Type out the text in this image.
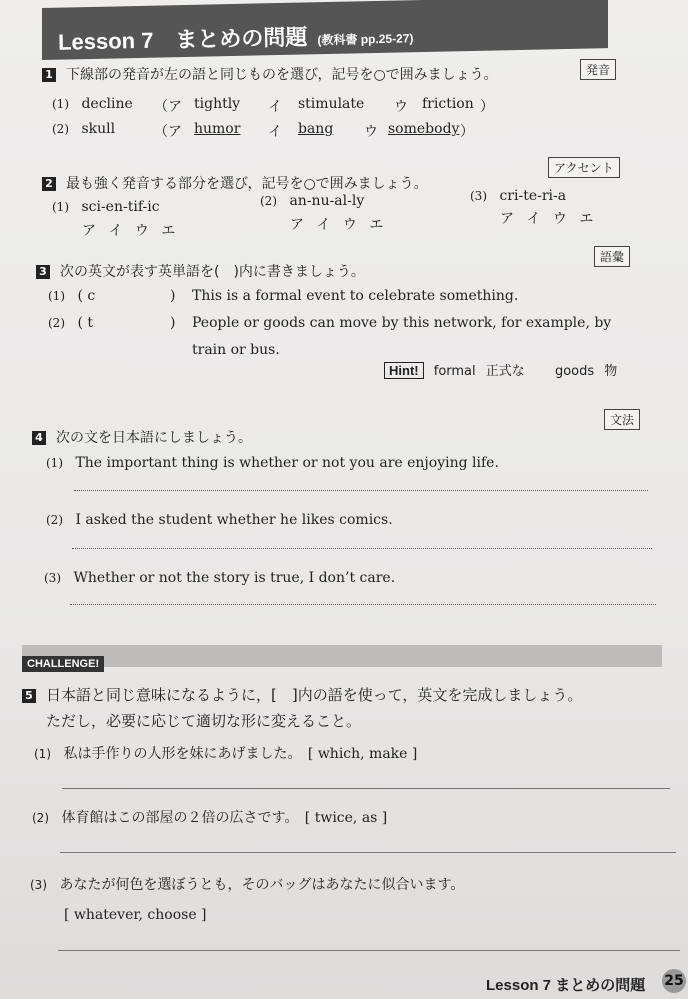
Lesson 7　まとめの問題 (教科書 pp.25-27)
1 下線部の発音が左の語と同じものを選び，記号を○で囲みましょう。	発音
(1) decline （ア tightly イ stimulate ウ friction ）
(2) skull	（ア humor イ bang ウ somebody ）
2 最も強く発音する部分を選び，記号を○で囲みましょう。
アクセント
(1) sci-en-tif-ic
ア イ ウ エ
(2) an-nu-al-ly
ア イ ウ エ
(3) cri-te-ri-a
ア イ ウ エ
3 次の英文が表す英単語を(　)内に書きましょう。
語彙
(1) ( c	) This is a formal event to celebrate something.
(2) ( t	) People or goods can move by this network, for example, by
train or bus.
Hint! formal 正式な goods 物
文法
4 次の文を日本語にしましょう。
(1) The important thing is whether or not you are enjoying life.
(2) I asked the student whether he likes comics.
(3) Whether or not the story is true, I don’t care.
CHALLENGE!
5 日本語と同じ意味になるように，[　]内の語を使って，英文を完成しましょう。
ただし，必要に応じて適切な形に変えること。
(1) 私は手作りの人形を妹にあげました。 [ which, make ]
(2) 体育館はこの部屋の２倍の広さです。 [ twice, as ]
(3) あなたが何色を選ぼうとも，そのバッグはあなたに似合います。
[ whatever, choose ]
Lesson 7 まとめの問題 25
